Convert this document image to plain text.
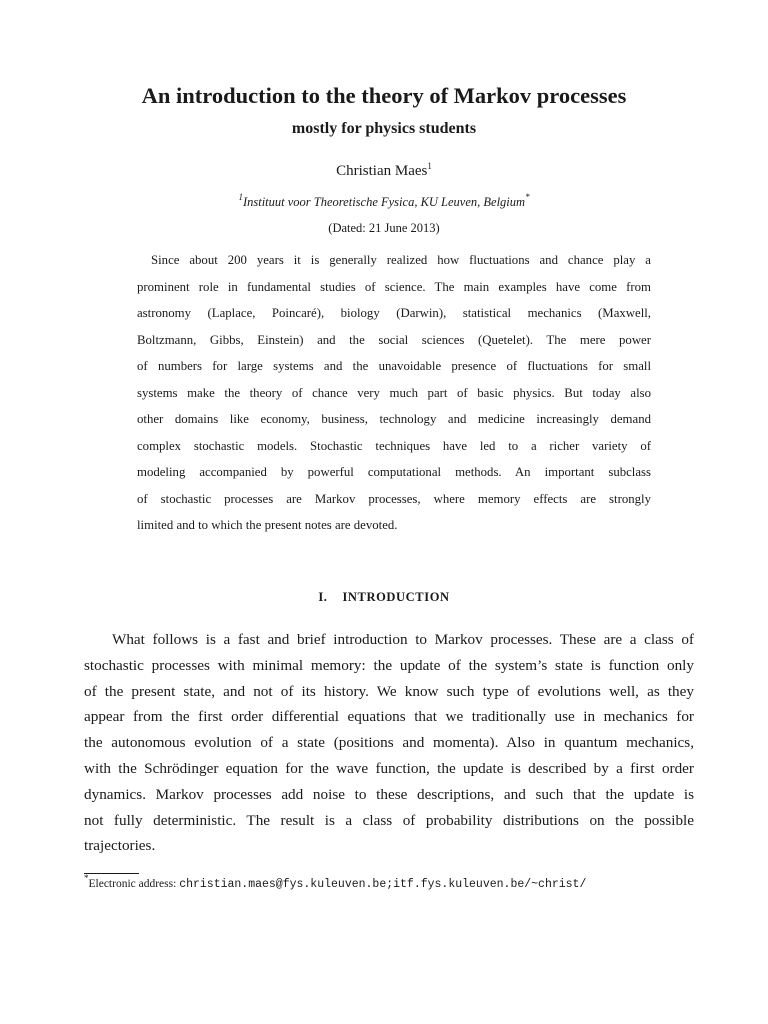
An introduction to the theory of Markov processes
mostly for physics students
Christian Maes$^1$
$^1$Instituut voor Theoretische Fysica, KU Leuven, Belgium*
(Dated: 21 June 2013)
Since about 200 years it is generally realized how fluctuations and chance play a
prominent role in fundamental studies of science. The main examples have come from
astronomy (Laplace, Poincaré), biology (Darwin), statistical mechanics (Maxwell,
Boltzmann, Gibbs, Einstein) and the social sciences (Quetelet). The mere power
of numbers for large systems and the unavoidable presence of fluctuations for small
systems make the theory of chance very much part of basic physics. But today also
other domains like economy, business, technology and medicine increasingly demand
complex stochastic models. Stochastic techniques have led to a richer variety of
modeling accompanied by powerful computational methods. An important subclass
of stochastic processes are Markov processes, where memory effects are strongly
limited and to which the present notes are devoted.
I. INTRODUCTION
What follows is a fast and brief introduction to Markov processes. These are a class of
stochastic processes with minimal memory: the update of the system’s state is function only
of the present state, and not of its history. We know such type of evolutions well, as they
appear from the first order differential equations that we traditionally use in mechanics for
the autonomous evolution of a state (positions and momenta). Also in quantum mechanics,
with the Schrödinger equation for the wave function, the update is described by a first order
dynamics. Markov processes add noise to these descriptions, and such that the update is
not fully deterministic. The result is a class of probability distributions on the possible
trajectories.
*Electronic address: christian.maes@fys.kuleuven.be;itf.fys.kuleuven.be/~christ/
